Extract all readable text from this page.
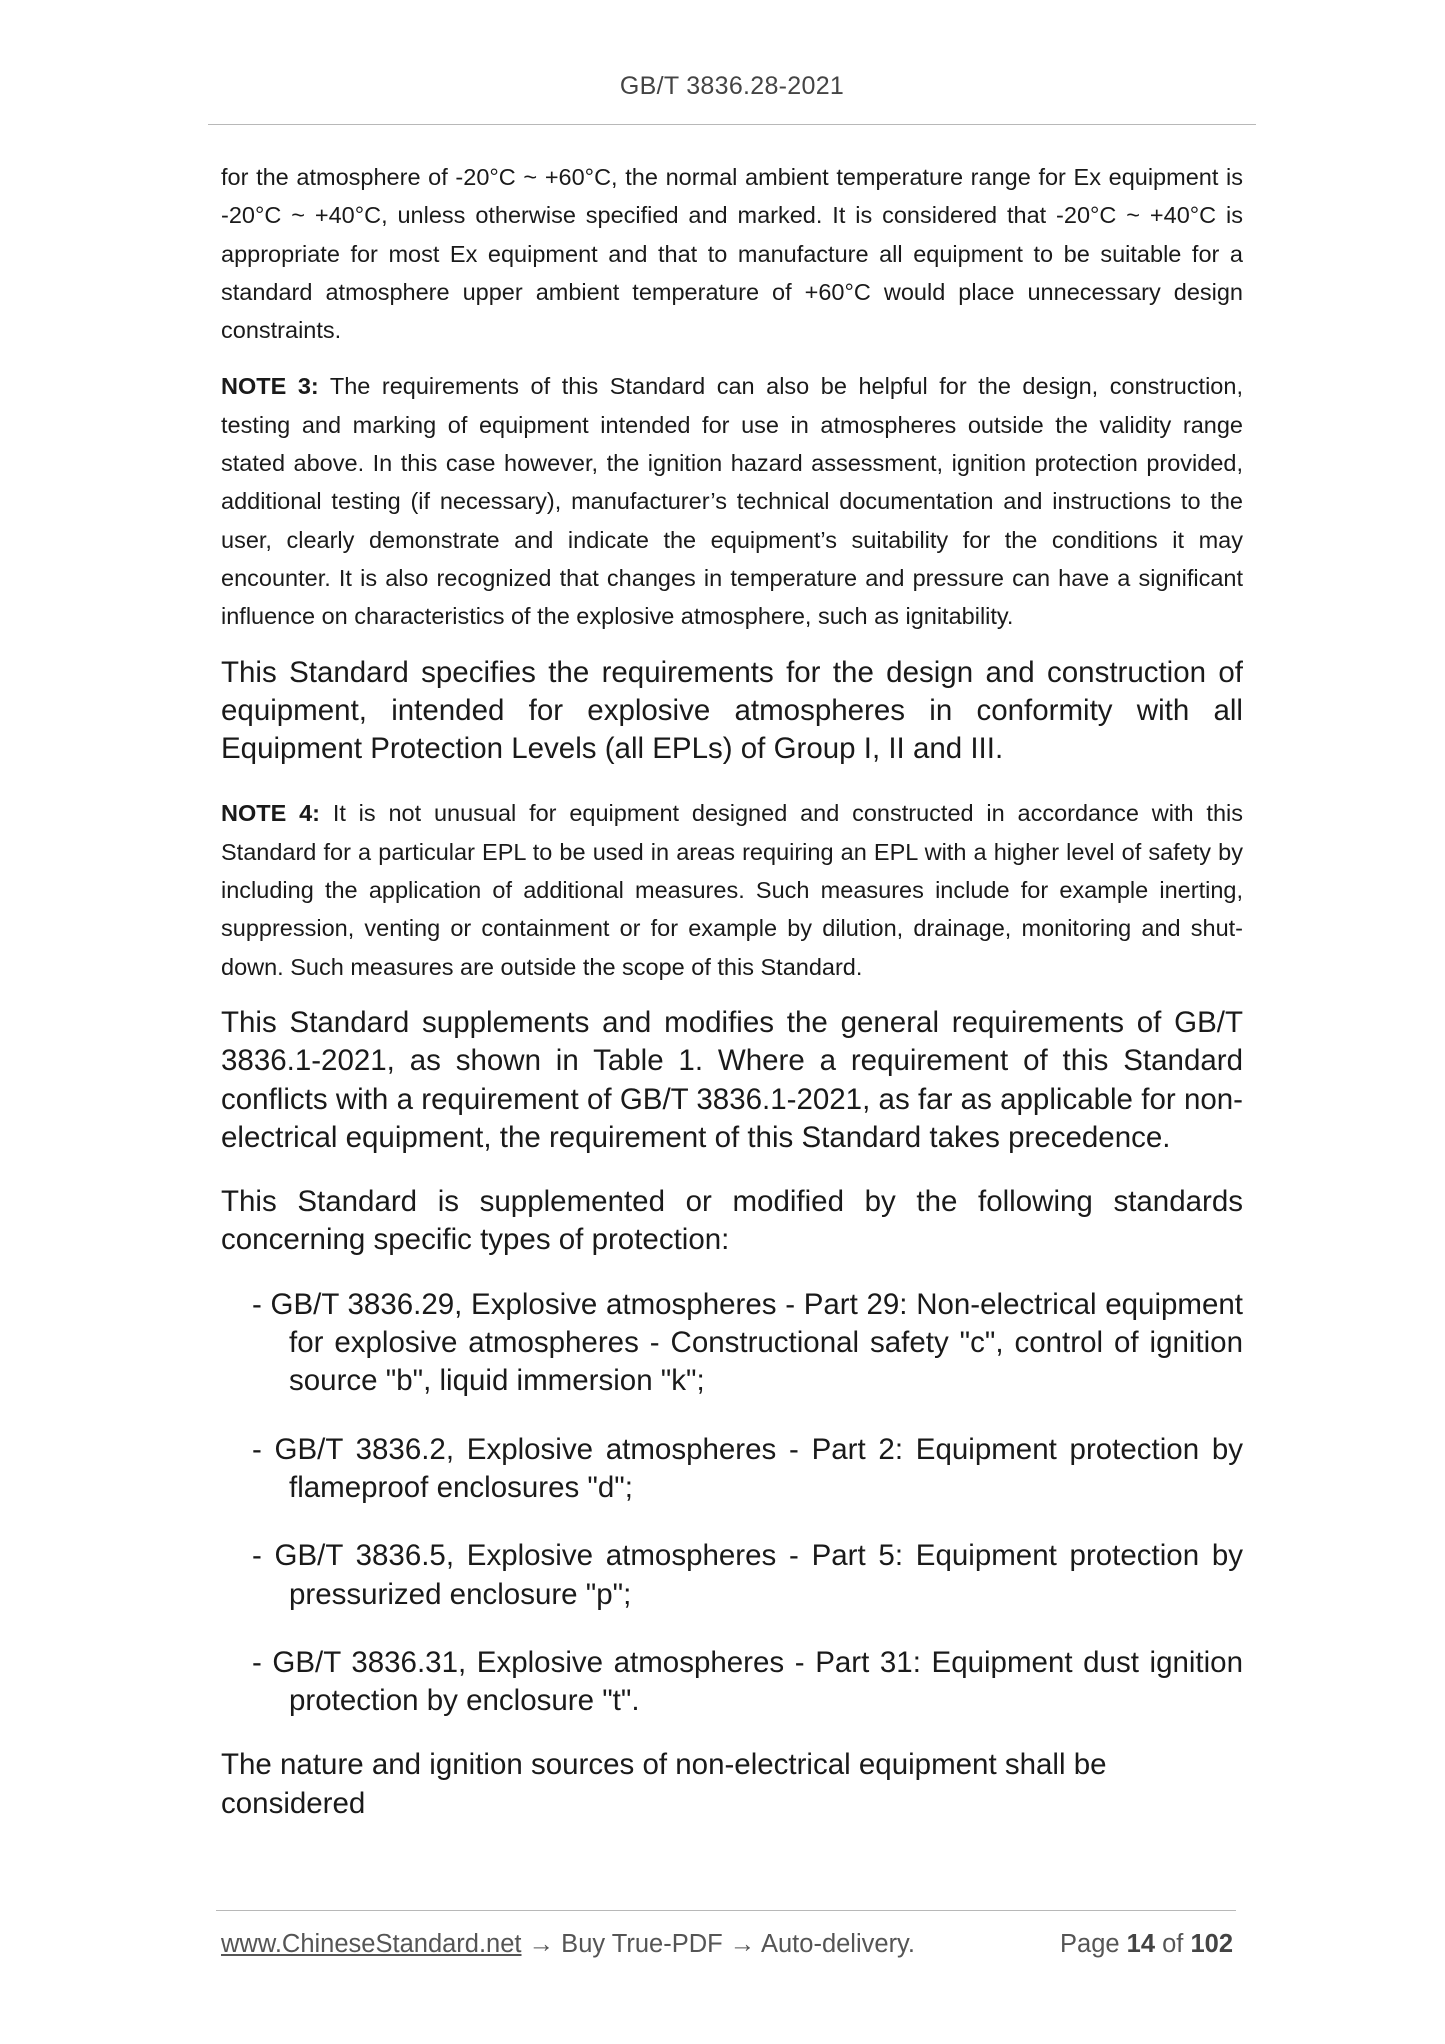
GB/T 3836.28-2021

for the atmosphere of -20°C ~ +60°C, the normal ambient temperature range for Ex equipment is -20°C ~ +40°C, unless otherwise specified and marked. It is considered that -20°C ~ +40°C is appropriate for most Ex equipment and that to manufacture all equipment to be suitable for a standard atmosphere upper ambient temperature of +60°C would place unnecessary design constraints.

NOTE 3: The requirements of this Standard can also be helpful for the design, construction, testing and marking of equipment intended for use in atmospheres outside the validity range stated above. In this case however, the ignition hazard assessment, ignition protection provided, additional testing (if necessary), manufacturer’s technical documentation and instructions to the user, clearly demonstrate and indicate the equipment’s suitability for the conditions it may encounter. It is also recognized that changes in temperature and pressure can have a significant influence on characteristics of the explosive atmosphere, such as ignitability.

This Standard specifies the requirements for the design and construction of equipment, intended for explosive atmospheres in conformity with all Equipment Protection Levels (all EPLs) of Group I, II and III.

NOTE 4: It is not unusual for equipment designed and constructed in accordance with this Standard for a particular EPL to be used in areas requiring an EPL with a higher level of safety by including the application of additional measures. Such measures include for example inerting, suppression, venting or containment or for example by dilution, drainage, monitoring and shut-down. Such measures are outside the scope of this Standard.

This Standard supplements and modifies the general requirements of GB/T 3836.1-2021, as shown in Table 1. Where a requirement of this Standard conflicts with a requirement of GB/T 3836.1-2021, as far as applicable for non-electrical equipment, the requirement of this Standard takes precedence.

This Standard is supplemented or modified by the following standards concerning specific types of protection:

- GB/T 3836.29, Explosive atmospheres - Part 29: Non-electrical equipment for explosive atmospheres - Constructional safety "c", control of ignition source "b", liquid immersion "k";
- GB/T 3836.2, Explosive atmospheres - Part 2: Equipment protection by flameproof enclosures "d";
- GB/T 3836.5, Explosive atmospheres - Part 5: Equipment protection by pressurized enclosure "p";
- GB/T 3836.31, Explosive atmospheres - Part 31: Equipment dust ignition protection by enclosure "t".

The nature and ignition sources of non-electrical equipment shall be considered

www.ChineseStandard.net → Buy True-PDF → Auto-delivery.	Page 14 of 102
